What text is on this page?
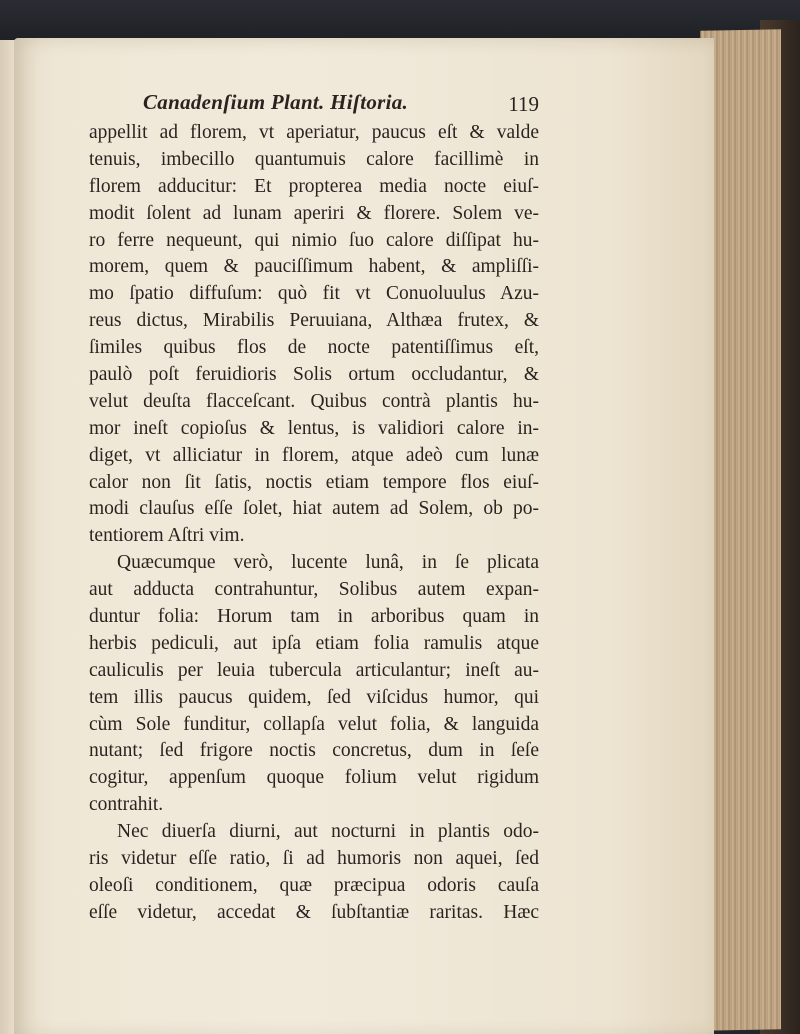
Canadenſium Plant. Hiſtoria.	119
appellit ad florem, vt aperiatur, paucus eſt & valde
tenuis, imbecillo quantumuis calore facillimè in
florem adducitur: Et propterea media nocte eiuſ-
modit ſolent ad lunam aperiri & florere. Solem ve-
ro ferre nequeunt, qui nimio ſuo calore diſſipat hu-
morem, quem & pauciſſimum habent, & ampliſſi-
mo ſpatio diffuſum: quò fit vt Conuoluulus Azu-
reus dictus, Mirabilis Peruuiana, Althæa frutex, &
ſimiles quibus flos de nocte patentiſſimus eſt,
paulò poſt feruidioris Solis ortum occludantur, &
velut deuſta flacceſcant. Quibus contrà plantis hu-
mor ineſt copioſus & lentus, is validiori calore in-
diget, vt alliciatur in florem, atque adeò cum lunæ
calor non ſit ſatis, noctis etiam tempore flos eiuſ-
modi clauſus eſſe ſolet, hiat autem ad Solem, ob po-
tentiorem Aſtri vim.
Quæcumque verò, lucente lunâ, in ſe plicata
aut adducta contrahuntur, Solibus autem expan-
duntur folia: Horum tam in arboribus quam in
herbis pediculi, aut ipſa etiam folia ramulis atque
cauliculis per leuia tubercula articulantur; ineſt au-
tem illis paucus quidem, ſed viſcidus humor, qui
cùm Sole funditur, collapſa velut folia, & languida
nutant; ſed frigore noctis concretus, dum in ſeſe
cogitur, appenſum quoque folium velut rigidum
contrahit.
Nec diuerſa diurni, aut nocturni in plantis odo-
ris videtur eſſe ratio, ſi ad humoris non aquei, ſed
oleoſi conditionem, quæ præcipua odoris cauſa
eſſe videtur, accedat & ſubſtantiæ raritas. Hæc
